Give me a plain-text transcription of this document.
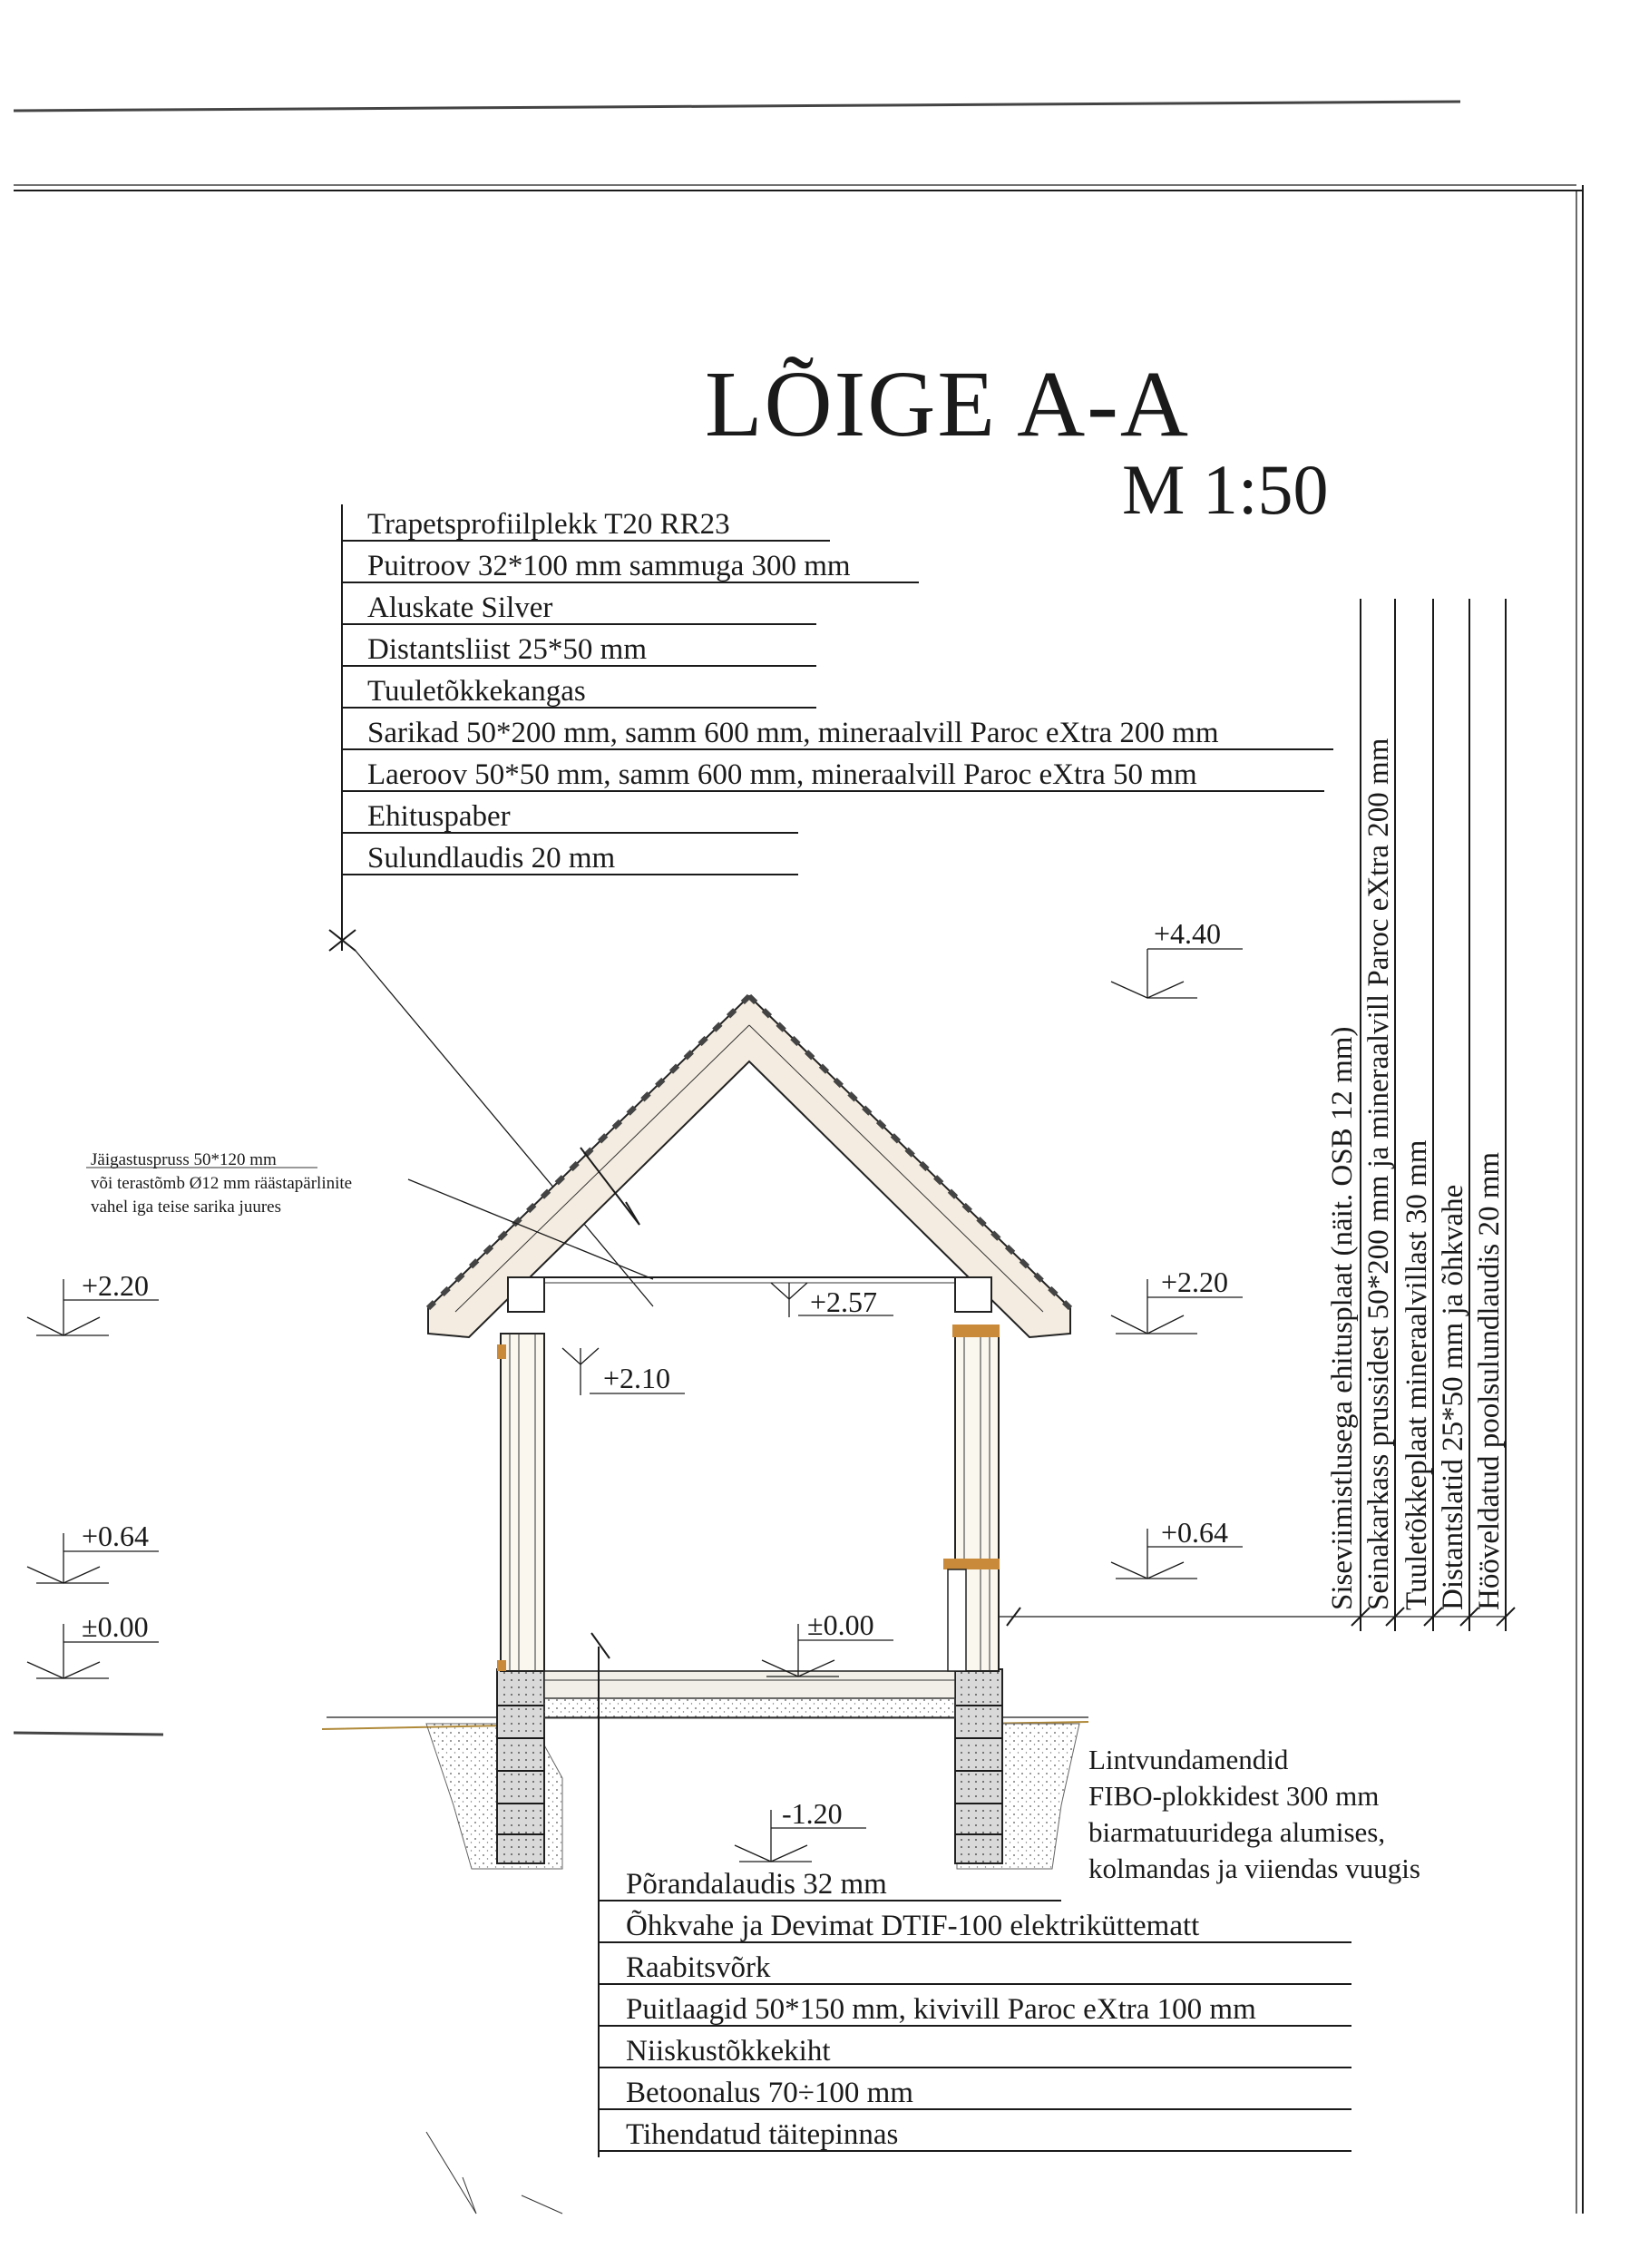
LÕIGE A-A
M 1:50
Trapetsprofiilplekk T20 RR23
Puitroov 32*100 mm sammuga 300 mm
Aluskate Silver
Distantsliist 25*50 mm
Tuuletõkkekangas
Sarikad 50*200 mm, samm 600 mm, mineraalvill Paroc eXtra 200 mm
Laeroov 50*50 mm, samm 600 mm, mineraalvill Paroc eXtra 50 mm
Ehituspaber
Sulundlaudis 20 mm
Siseviimistlusega ehitusplaat (näit. OSB 12 mm) Seinakarkass prussidest 50*200 mm ja mineraalvill Paroc eXtra 200 mm Tuuletõkkeplaat mineraalvillast 30 mm Distantslatid 25*50 mm ja õhkvahe Hööveldatud poolsulundlaudis 20 mm
Jäigastuspruss 50*120 mm
või terastõmb Ø12 mm räästapärlinite
vahel iga teise sarika juures
+4.40
+2.20	+2.20
+2.57
+2.10
+0.64	+0.64
±0.00	±0.00
-1.20
Lintvundamendid
FIBO-plokkidest 300 mm
biarmatuuridega alumises,
kolmandas ja viiendas vuugis
Põrandalaudis 32 mm
Õhkvahe ja Devimat DTIF-100 elektriküttematt
Raabitsvõrk
Puitlaagid 50*150 mm, kivivill Paroc eXtra 100 mm
Niiskustõkkekiht
Betoonalus 70÷100 mm
Tihendatud täitepinnas
